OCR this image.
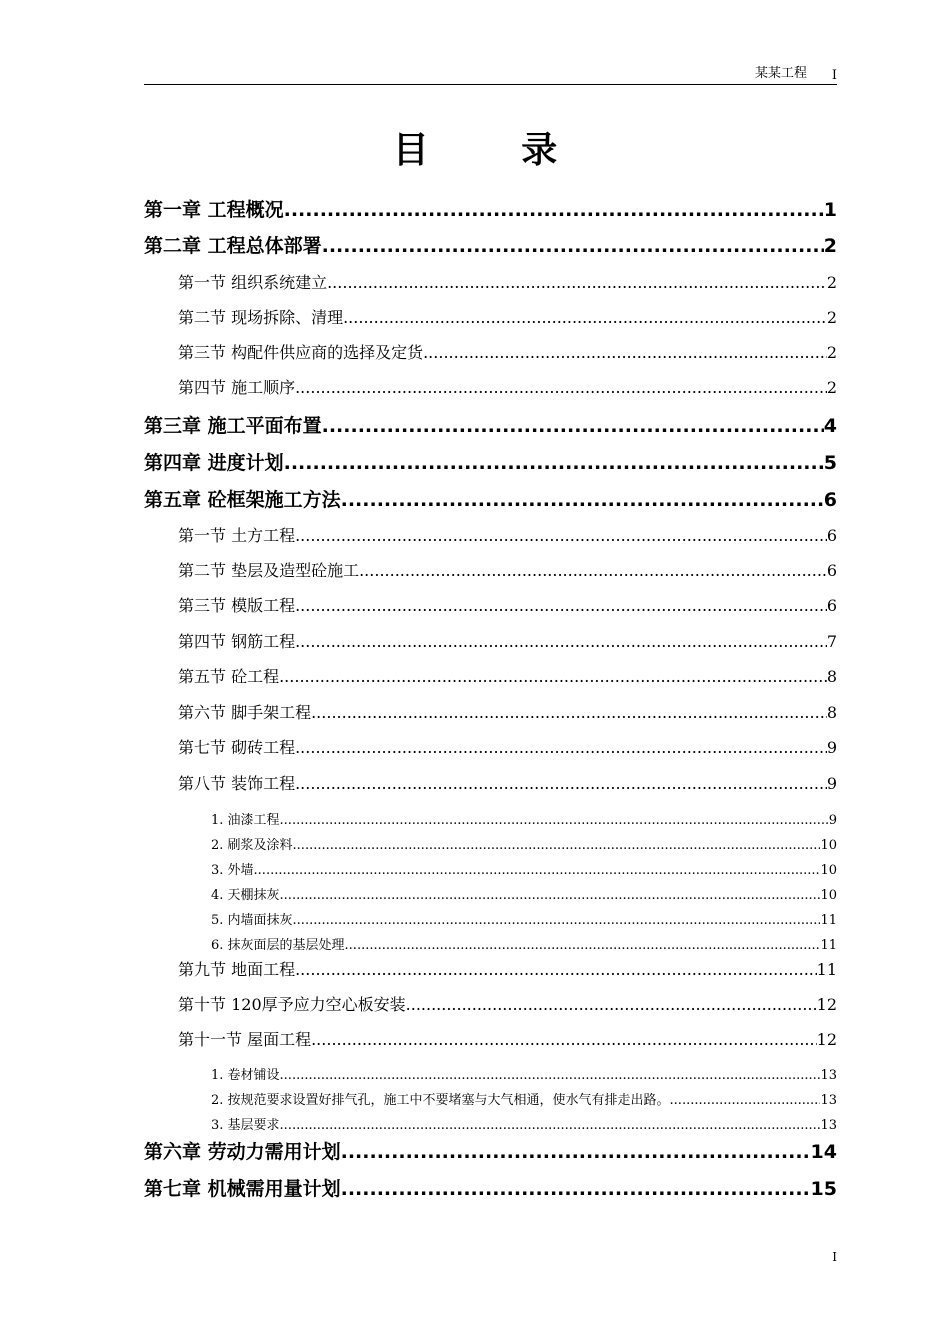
某某工程 I
目 录
第一章 工程概况 .....	1
第二章 工程总体部署 .....	2
第一节 组织系统建立 .....	2
第二节 现场拆除、清理 .....	2
第三节 构配件供应商的选择及定货 .....	2
第四节 施工顺序 .....	2
第三章 施工平面布置 .....	4
第四章 进度计划 .....	5
第五章 砼框架施工方法 .....	6
第一节 土方工程 .....	6
第二节 垫层及造型砼施工 .....	6
第三节 模版工程 .....	6
第四节 钢筋工程 .....	7
第五节 砼工程 .....	8
第六节 脚手架工程 .....	8
第七节 砌砖工程 .....	9
第八节 装饰工程 .....	9
1. 油漆工程 .....	9
2. 刷浆及涂料 .....	10
3. 外墙 .....	10
4. 天棚抹灰 .....	10
5. 内墙面抹灰 .....	11
6. 抹灰面层的基层处理 .....	11
第九节 地面工程 .....	11
第十节 120厚予应力空心板安装 .....	12
第十一节 屋面工程 .....	12
1. 卷材铺设 .....	13
2. 按规范要求设置好排气孔，施工中不要堵塞与大气相通，使水气有排走出路。 .....	13
3. 基层要求 .....	13
第六章 劳动力需用计划 .....	14
第七章 机械需用量计划 .....	15
I
